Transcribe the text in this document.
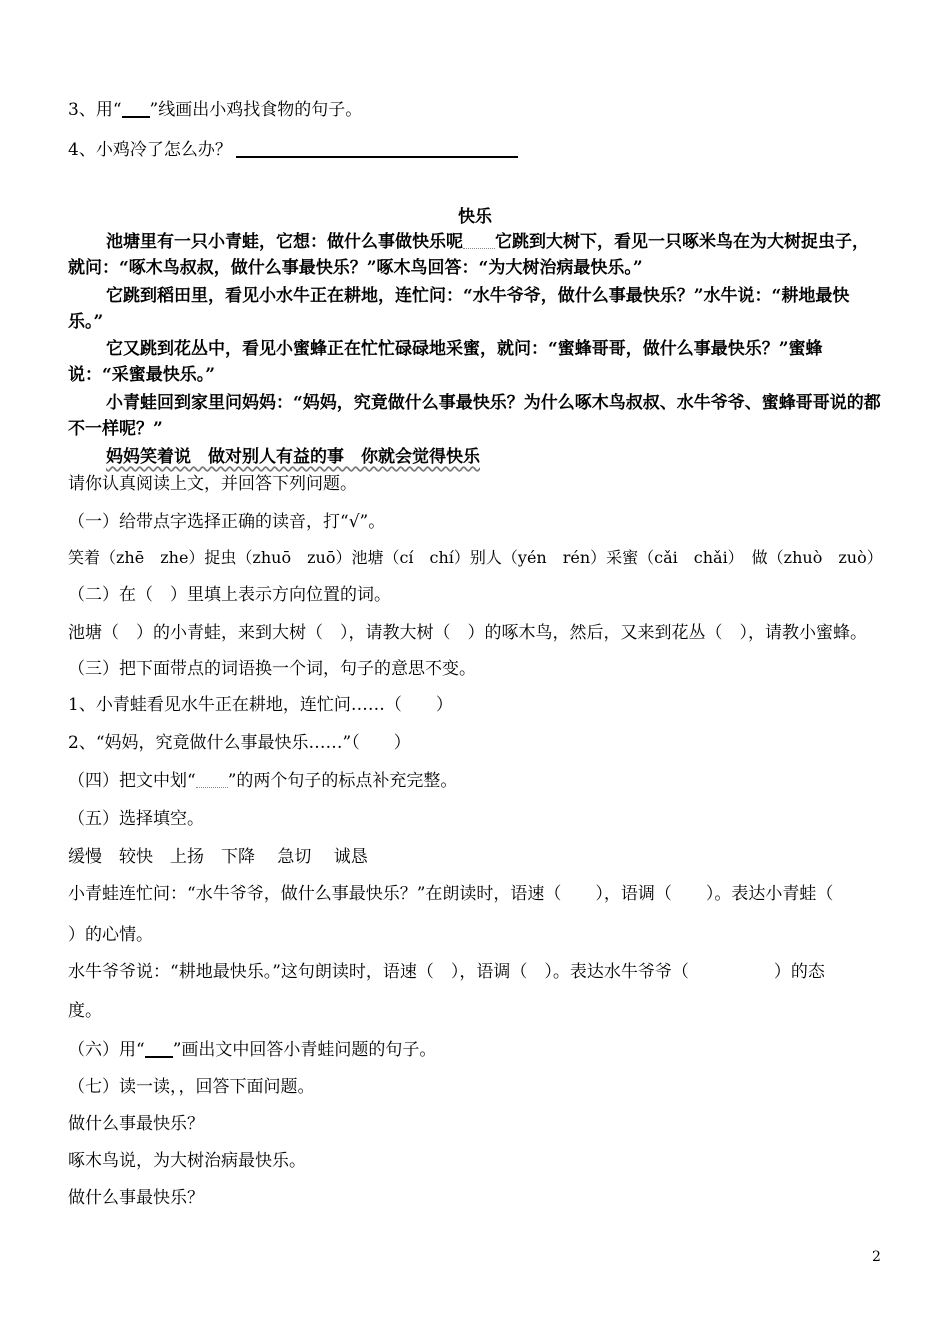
3、用“ ”线画出小鸡找食物的句子。
4、小鸡冷了怎么办？
快乐
池塘里有一只小青蛙，它想：做什么事做快乐呢 它跳到大树下，看见一只啄米鸟在为大树捉虫子，就问：“啄木鸟叔叔，做什么事最快乐？”啄木鸟回答：“为大树治病最快乐。”
它跳到稻田里，看见小水牛正在耕地，连忙问：“水牛爷爷，做什么事最快乐？”水牛说：“耕地最快乐。”
它又跳到花丛中，看见小蜜蜂正在忙忙碌碌地采蜜，就问：“蜜蜂哥哥，做什么事最快乐？”蜜蜂说：“采蜜最快乐。”
小青蛙回到家里问妈妈：“妈妈，究竟做什么事最快乐？为什么啄木鸟叔叔、水牛爷爷、蜜蜂哥哥说的都不一样呢？”
妈妈笑着说　做对别人有益的事　你就会觉得快乐
请你认真阅读上文，并回答下列问题。
（一）给带点字选择正确的读音，打“√”。
笑着（zhē　zhe）捉虫（zhuō　zuō）池塘（cí　chí）别人（yén　rén）采蜜（cǎi　chǎi）　做（zhuò　zuò）
（二）在（　）里填上表示方向位置的词。
池塘（　）的小青蛙，来到大树（　），请教大树（　）的啄木鸟，然后，又来到花丛（　），请教小蜜蜂。
（三）把下面带点的词语换一个词，句子的意思不变。
1、小青蛙看见水牛正在耕地，连忙问……（　　）
2、“妈妈，究竟做什么事最快乐……”（　　）
（四）把文中划“ ”的两个句子的标点补充完整。
（五）选择填空。
缓慢　较快　上扬　下降　 急切　 诚恳
小青蛙连忙问：“水牛爷爷，做什么事最快乐？”在朗读时，语速（　　），语调（　　）。表达小青蛙（
）的心情。
水牛爷爷说：“耕地最快乐。”这句朗读时，语速（　），语调（　）。表达水牛爷爷（　　　　　）的态
度。
（六）用“ ”画出文中回答小青蛙问题的句子。
（七）读一读，，回答下面问题。
做什么事最快乐？
啄木鸟说，为大树治病最快乐。
做什么事最快乐？
2
